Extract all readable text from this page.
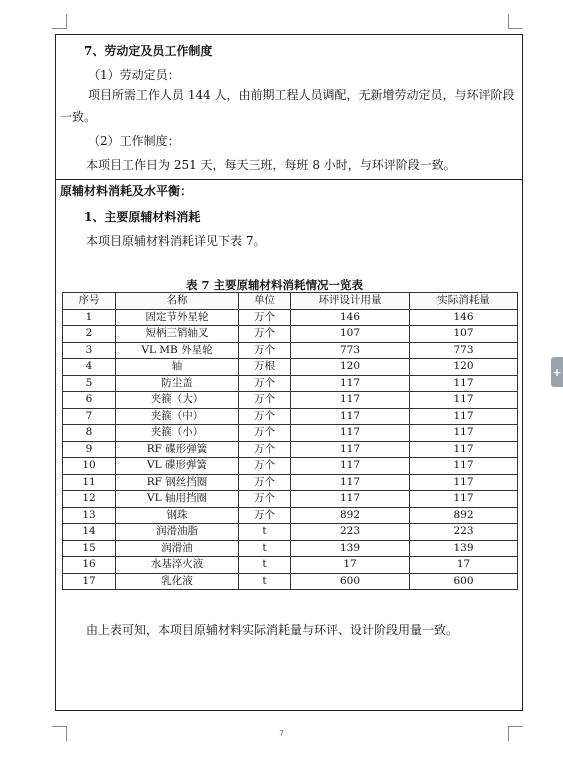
7、劳动定及员工作制度
（1）劳动定员：
项目所需工作人员 144 人，由前期工程人员调配，无新增劳动定员，与环评阶段
一致。
（2）工作制度：
本项目工作日为 251 天，每天三班，每班 8 小时，与环评阶段一致。
原辅材料消耗及水平衡：
1、主要原辅材料消耗
本项目原辅材料消耗详见下表 7。
表 7 主要原辅材料消耗情况一览表
序号	名称	单位	环评设计用量	实际消耗量
1	固定节外星轮	万个	146	146
2	短柄三销轴叉	万个	107	107
3	VL MB 外星轮	万个	773	773
4	轴	万根	120	120
5	防尘盖	万个	117	117
6	夹箍（大）	万个	117	117
7	夹箍（中）	万个	117	117
8	夹箍（小）	万个	117	117
9	RF 碟形弹簧	万个	117	117
10	VL 碟形弹簧	万个	117	117
11	RF 钢丝挡圈	万个	117	117
12	VL 轴用挡圈	万个	117	117
13	钢珠	万个	892	892
14	润滑油脂	t	223	223
15	润滑油	t	139	139
16	水基淬火液	t	17	17
17	乳化液	t	600	600
由上表可知，本项目原辅材料实际消耗量与环评、设计阶段用量一致。
+
7
